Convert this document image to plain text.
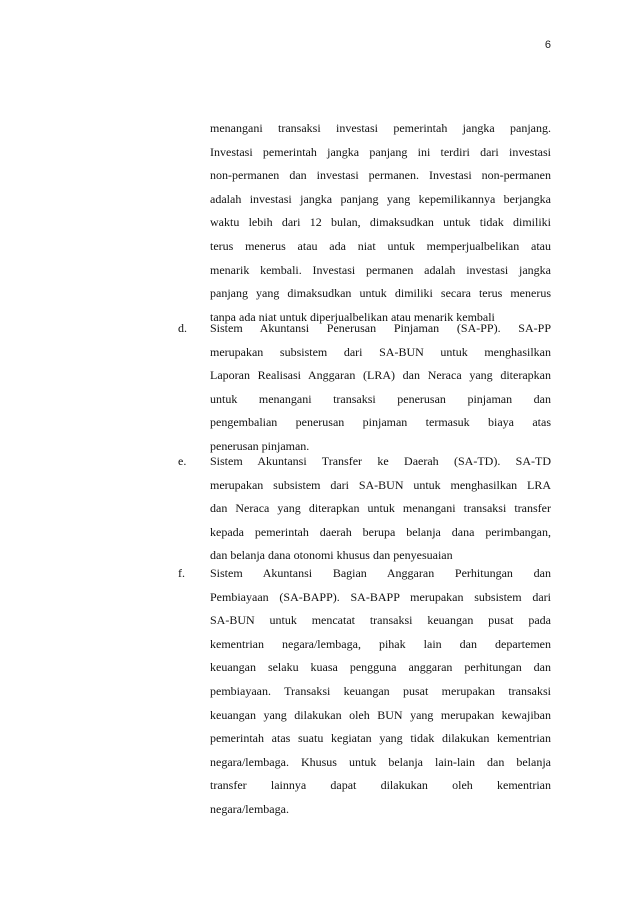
6
menangani transaksi investasi pemerintah jangka panjang.
Investasi pemerintah jangka panjang ini terdiri dari investasi
non-permanen dan investasi permanen. Investasi non-permanen
adalah investasi jangka panjang yang kepemilikannya berjangka
waktu lebih dari 12 bulan, dimaksudkan untuk tidak dimiliki
terus menerus atau ada niat untuk memperjualbelikan atau
menarik kembali. Investasi permanen adalah investasi jangka
panjang yang dimaksudkan untuk dimiliki secara terus menerus
tanpa ada niat untuk diperjualbelikan atau menarik kembali
d. Sistem Akuntansi Penerusan Pinjaman (SA-PP). SA-PP
merupakan subsistem dari SA-BUN untuk menghasilkan
Laporan Realisasi Anggaran (LRA) dan Neraca yang diterapkan
untuk menangani transaksi penerusan pinjaman dan
pengembalian penerusan pinjaman termasuk biaya atas
penerusan pinjaman.
e. Sistem Akuntansi Transfer ke Daerah (SA-TD). SA-TD
merupakan subsistem dari SA-BUN untuk menghasilkan LRA
dan Neraca yang diterapkan untuk menangani transaksi transfer
kepada pemerintah daerah berupa belanja dana perimbangan,
dan belanja dana otonomi khusus dan penyesuaian
f. Sistem Akuntansi Bagian Anggaran Perhitungan dan
Pembiayaan (SA-BAPP). SA-BAPP merupakan subsistem dari
SA-BUN untuk mencatat transaksi keuangan pusat pada
kementrian negara/lembaga, pihak lain dan departemen
keuangan selaku kuasa pengguna anggaran perhitungan dan
pembiayaan. Transaksi keuangan pusat merupakan transaksi
keuangan yang dilakukan oleh BUN yang merupakan kewajiban
pemerintah atas suatu kegiatan yang tidak dilakukan kementrian
negara/lembaga. Khusus untuk belanja lain-lain dan belanja
transfer lainnya dapat dilakukan oleh kementrian
negara/lembaga.
